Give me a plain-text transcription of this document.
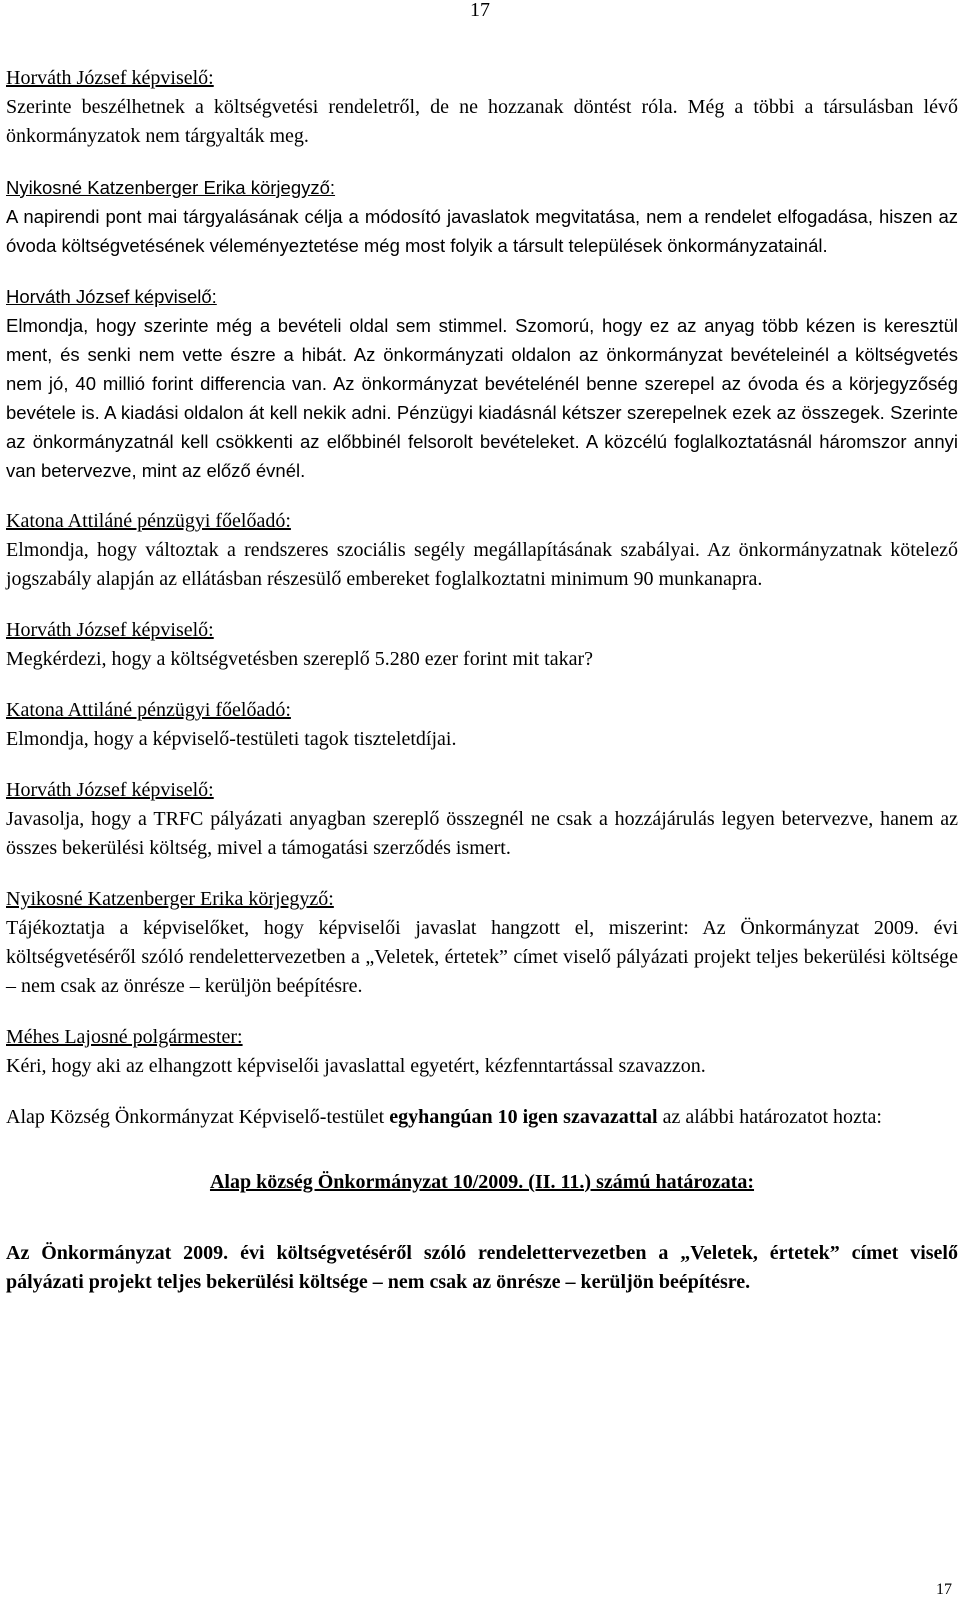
17
Horváth József képviselő:

Szerinte beszélhetnek a költségvetési rendeletről, de ne hozzanak döntést róla. Még a többi a társulásban lévő önkormányzatok nem tárgyalták meg.

Nyikosné Katzenberger Erika körjegyző:

A napirendi pont mai tárgyalásának célja a módosító javaslatok megvitatása, nem a rendelet elfogadása, hiszen az óvoda költségvetésének véleményeztetése még most folyik a társult települések önkormányzatainál.

Horváth József képviselő:

Elmondja, hogy szerinte még a bevételi oldal sem stimmel. Szomorú, hogy ez az anyag több kézen is keresztül ment, és senki nem vette észre a hibát. Az önkormányzati oldalon az önkormányzat bevételeinél a költségvetés nem jó, 40 millió forint differencia van. Az önkormányzat bevételénél benne szerepel az óvoda és a körjegyzőség bevétele is. A kiadási oldalon át kell nekik adni. Pénzügyi kiadásnál kétszer szerepelnek ezek az összegek. Szerinte az önkormányzatnál kell csökkenti az előbbinél felsorolt bevételeket. A közcélú foglalkoztatásnál háromszor annyi van betervezve, mint az előző évnél.

Katona Attiláné pénzügyi főelőadó:

Elmondja, hogy változtak a rendszeres szociális segély megállapításának szabályai. Az önkormányzatnak kötelező jogszabály alapján az ellátásban részesülő embereket foglalkoztatni minimum 90 munkanapra.

Horváth József képviselő:

Megkérdezi, hogy a költségvetésben szereplő 5.280 ezer forint mit takar?

Katona Attiláné pénzügyi főelőadó:

Elmondja, hogy a képviselő-testületi tagok tiszteletdíjai.

Horváth József képviselő:

Javasolja, hogy a TRFC pályázati anyagban szereplő összegnél ne csak a hozzájárulás legyen betervezve, hanem az összes bekerülési költség, mivel a támogatási szerződés ismert.

Nyikosné Katzenberger Erika körjegyző:

Tájékoztatja a képviselőket, hogy képviselői javaslat hangzott el, miszerint: Az Önkormányzat 2009. évi költségvetéséről szóló rendelettervezetben a „Veletek, értetek” címet viselő pályázati projekt teljes bekerülési költsége – nem csak az önrésze – kerüljön beépítésre.

Méhes Lajosné polgármester:

Kéri, hogy aki az elhangzott képviselői javaslattal egyetért, kézfenntartással szavazzon.

Alap Község Önkormányzat Képviselő-testület egyhangúan 10 igen szavazattal az alábbi határozatot hozta:

Alap község Önkormányzat 10/2009. (II. 11.) számú határozata:

Az Önkormányzat 2009. évi költségvetéséről szóló rendelettervezetben a „Veletek, értetek” címet viselő pályázati projekt teljes bekerülési költsége – nem csak az önrésze – kerüljön beépítésre.

17
